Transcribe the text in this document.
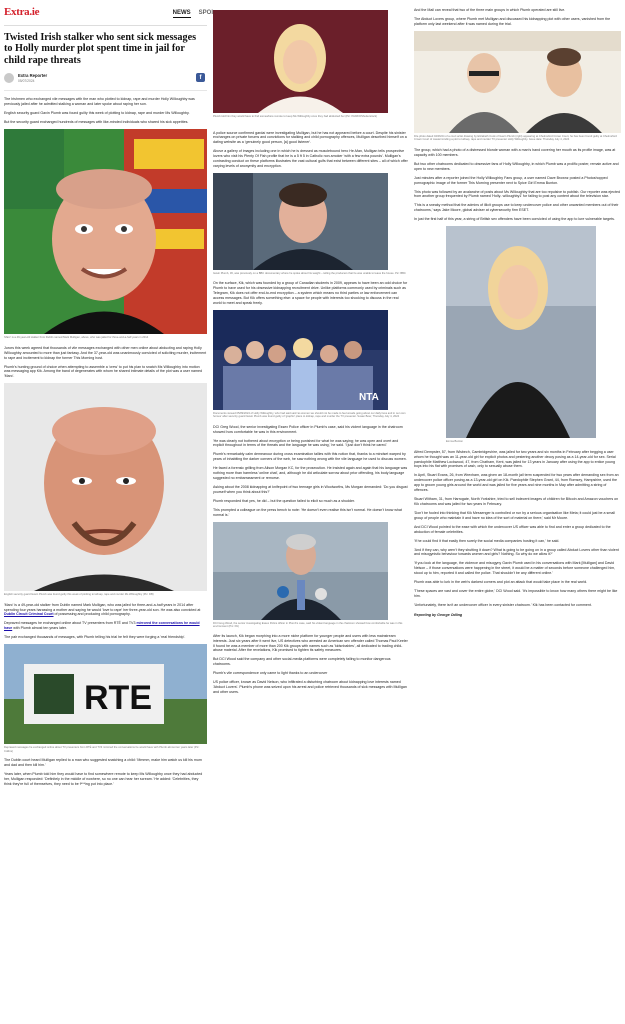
Extra.ie
Twisted Irish stalker who sent sick messages to Holly murder plot spent time in jail for child rape threats
Extra Reporter
05/07/2024
f

The Irishmen who exchanged vile messages with the man who plotted to kidnap, rape and murder Holly Willoughby was previously jailed after he admitted stalking a woman and later spoke about raping her son.

English security guard Gavin Plumb was found guilty this week of plotting to kidnap, rape and murder Ms Willoughby.

But the security guard exchanged hundreds of messages with like-minded individuals who shared his sick appetites.

'Marc' is a 49-year-old stalker from Dublin named Mark Mulligan, above, who was jailed for three-and-a-half years in 2014

Jurors this week agreed that thousands of vile messages exchanged with other men online about abducting and raping Holly Willoughby amounted to more than just fantasy. And the 37-year-old was unanimously convicted of soliciting murder, incitement to rape and incitement to kidnap the former This Morning host.

Plumb's hunting ground of choice when attempting to assemble a 'crew' to put his plan to snatch Ms Willoughby into motion was messaging app Kik. Among the band of degenerates with whom he shared intimate details of the plot was a user named 'Marc'.

English security guard Gavin Plumb was found guilty this week of plotting to kidnap, rape and murder Ms Willoughby (Pic: DB)

'Marc' is a 49-year-old stalker from Dublin named Mark Mulligan, who was jailed for three-and-a-half years in 2014 after spending four years harassing a mother and saying he would 'love to rape' her three-year-old son. He was also convicted at Dublin Circuit Criminal Court of possessing and producing child pornography.

Depraved messages he exchanged online about TV presenters from RTÉ and TV3 mirrored the conversations he would have with Plumb almost ten years later.

The pair exchanged thousands of messages, with Plumb telling his trial he felt they were forging a 'real friendship'.

RTE
Depraved messages he exchanged online about TV presenters from RTÉ and TV3 mirrored the conversations he would have with Plumb almost ten years later (Pic: Collins)

The Dublin court heard Mulligan replied to a man who suggested snatching a child: 'Mmmm, make him watch us kill his mum and dad and then kill him.'

Years later, when Plumb told him they would have to find somewhere remote to keep Ms Willoughby once they had abducted her, Mulligan responded: 'Definitely in the middle of nowhere, so no one can hear her scream.' He added: 'Celebrities, they think they're full of themselves, they need to be f***ing put into place.'

NEWS SPOI
Plumb told him they would have to find somewhere remote to keep Ms Willoughby once they had abducted her (Pic: PA/ROI/Shutterstock)

A police source confirmed gardaí were investigating Mulligan, but he has not appeared before a court. Despite his sinister exchanges on private forums and convictions for stalking and child pornography offences, Mulligan described himself on a dating website as a 'genuinely good person, [a] good listener'.

Above a gallery of images including one in which he is dressed as musclebound hero He-Man, Mulligan tells prospective lovers who visit his Plenty Of Fish profile that he is a 5 ft 5 in Catholic non-smoker 'with a few extra pounds'. Mulligan's contrasting conduct on these platforms illustrates the vast cultural gulfs that exist between different sites – all of which offer varying levels of anonymity and encryption.

Gavin Plumb, 36, was previously on a BBC documentary where he spoke about his weight – telling the producers that he was unable to leave the house. Pic: BBC

On the surface, Kik, which was founded by a group of Canadian students in 2009, appears to have been an odd choice for Plumb to have used for his obsessive kidnapping recruitment drive. Unlike platforms commonly used by criminals such as Telegram, Kik does not offer end-to-end encryption – a system which means no third parties or law enforcement can access messages. But Kik offers something else: a space for people with interests too shocking to discuss in the real world to meet and speak freely.

NTA
Documents viewed 05/09/2024 of Holly Willoughby, who had said said 'as women we should not be made to feel unsafe going about our daily lives and in our own homes' after security guard Gavin Plumb was found guilty of 'graphic' plans to kidnap, rape and murder the TV presenter. Susan Boer, Thursday July 4, 2024

DCI Greg Wood, the senior investigating Essex Police officer in Plumb's case, said his violent language in the chatroom showed how comfortable he was in this environment.

'He was clearly not bothered about encryption or being punished for what he was saying; he was open and overt and explicit throughout in terms of the threats and the language he was using,' he said. 'I just don't think he cared.'

Plumb's remarkably calm demeanour during cross examination tallies with this notion that, thanks to a mindset warped by years of inhabiting the darker corners of the web, he saw nothing wrong with the vile language he used to discuss women.

He faced a forensic grilling from Alison Morgan KC, for the prosecution. He insisted again and again that his language was nothing more than harmless 'online chat', and, although he did articulate sorrow about prior offending, his body language suggested no embarrassment or remorse.

Asking about the 2008 kidnapping at knifepoint of two teenage girls in Woolworths, Ms Morgan demanded: 'Do you disgust yourself when you think about this?'

Plumb responded that yes, he did – but the question failed to elicit so much as a shudder.

This prompted a colleague on the press bench to note: 'He doesn't even realise this isn't normal. He doesn't know what normal is.'

DCI Greg Wood, the senior investigating Essex Police officer in Plumb's case, said his violent language in the chatroom showed how comfortable he was in this environment (Pic: PA)

After its launch, Kik began morphing into a more niche platform for younger people and users with less mainstream interests. Just six years after it went live, US detectives who arrested an American sex offender called Thomas Paul Keeler II found he was a member of more than 200 Kik groups with names such as 'kidsnbabies', all dedicated to trading child-abuse material. After the revelations, Kik promised to tighten its safety measures.

But DCI Wood said the company and other social-media platforms were completely failing to monitor dangerous chatrooms.

Plumb's vile correspondence only came to light thanks to an undercover

US police officer, known as David Nelson, who infiltrated a disturbing chatroom about kidnapping love interests named 'Abduct Lovers'. Plumb's phone was seized upon his arrest and police retrieved thousands of sick messages with Mulligan and other users.

And the Mail can reveal that two of the three main groups in which Plumb operated are still live.

The Abduct Lovers group, where Plumb met Mulligan and discussed his kidnapping plot with other users, vanished from the platform only last weekend after it was named during the trial.

File photo dated 04/06/24 of a court artist drawing by Elizabeth Cook of Gavin Plumb (right) appearing at Chelmsford Crown Court, he has been found guilty at Chelmsford Crown Court of masterminding a plot to kidnap, rape and murder TV presenter Holly Willoughby. Issue date: Thursday July 4, 2024

The group, which had a photo of a distressed blonde woman with a man's hand covering her mouth as its profile image, was at capacity with 100 members.

But two other chatrooms dedicated to obsessive fans of Holly Willoughby, in which Plumb was a prolific poster, remain active and open to new members.

Just minutes after a reporter joined the Holly Willoughby Fans group, a user named Dave Brownz posted a Photoshopped pornographic image of the former This Morning presenter next to Spice Girl Emma Bunton.

This photo was followed by an avalanche of posts about Ms Willoughby that are too repulsive to publish. Our reporter was ejected from another group frequented by Plumb named 'Holly- willoughby1' for failing to post any content about the television star.

'This is a sneaky method that the admins of illicit groups use to keep undercover police and other unwanted members out of their chatrooms,' says Jake Moore, global adviser at cybersecurity firm ESET.

In just the first half of this year, a string of British sex offenders have been convicted of using the app to lure vulnerable targets.

Emma Bunton

Alfred Dempster, 57, from Wisbech, Cambridgeshire, was jailed for two years and six months in February after begging a user whom he thought was an 11-year-old girl for explicit photos and pestering another decoy posing as a 14-year-old for sex. Serial paedophile Matthew Lockwood, 47, from Chatham, Kent, was jailed for 13 years in January after using the app to entice young boys into his flat with promises of cash, only to sexually abuse them.

In April, Stuart Evans, 26, from Wrexham, was given an 18-month jail term suspended for two years after demanding sex from an undercover police officer posing as a 13-year-old girl on Kik. Paedophile Stephen Grant, 44, from Romsey, Hampshire, used the app to groom young girls around the world and was jailed for five years and nine months in May after admitting a string of offences.

Stuart Witham, 31, from Harrogate, North Yorkshire, tried to sell indecent images of children for Bitcoin and Amazon vouchers on Kik chatrooms and was jailed for two years in February.

'Don't be fooled into thinking that Kik Messenger is controlled or run by a serious organisation like Meta; it could just be a small group of people who maintain it and have no idea of the sort of material on there,' said Mr Moore.

And DCI Wood pointed to the ease with which the undercover US officer was able to find and enter a group dedicated to the abduction of female celebrities.

'If he could find it that easily then surely the social media companies hosting it can,' he said.

'And if they can, why aren't they shutting it down? What is going to be going on in a group called Abduct Lovers other than violent and misogynistic behaviour towards women and girls? Nothing. So why do we allow it?'

'If you look at the language, the violence and misogyny Gavin Plumb used in his conversations with Mark [Mulligan] and David Nelson – if those conversations were happening in the street, it would be a matter of seconds before someone challenged him, stood up to him, reported it and called the police. That shouldn't be any different online.'

Plumb was able to lurk in the web's darkest corners and plot an attack that would take place in the real world.

'These spaces are vast and cover the entire globe,' DCI Wood said. 'It's impossible to know how many others there might be like him.

'Unfortunately, there isn't an undercover officer in every sinister chatroom.' Kik has been contacted for comment.

Reporting by George Odling
